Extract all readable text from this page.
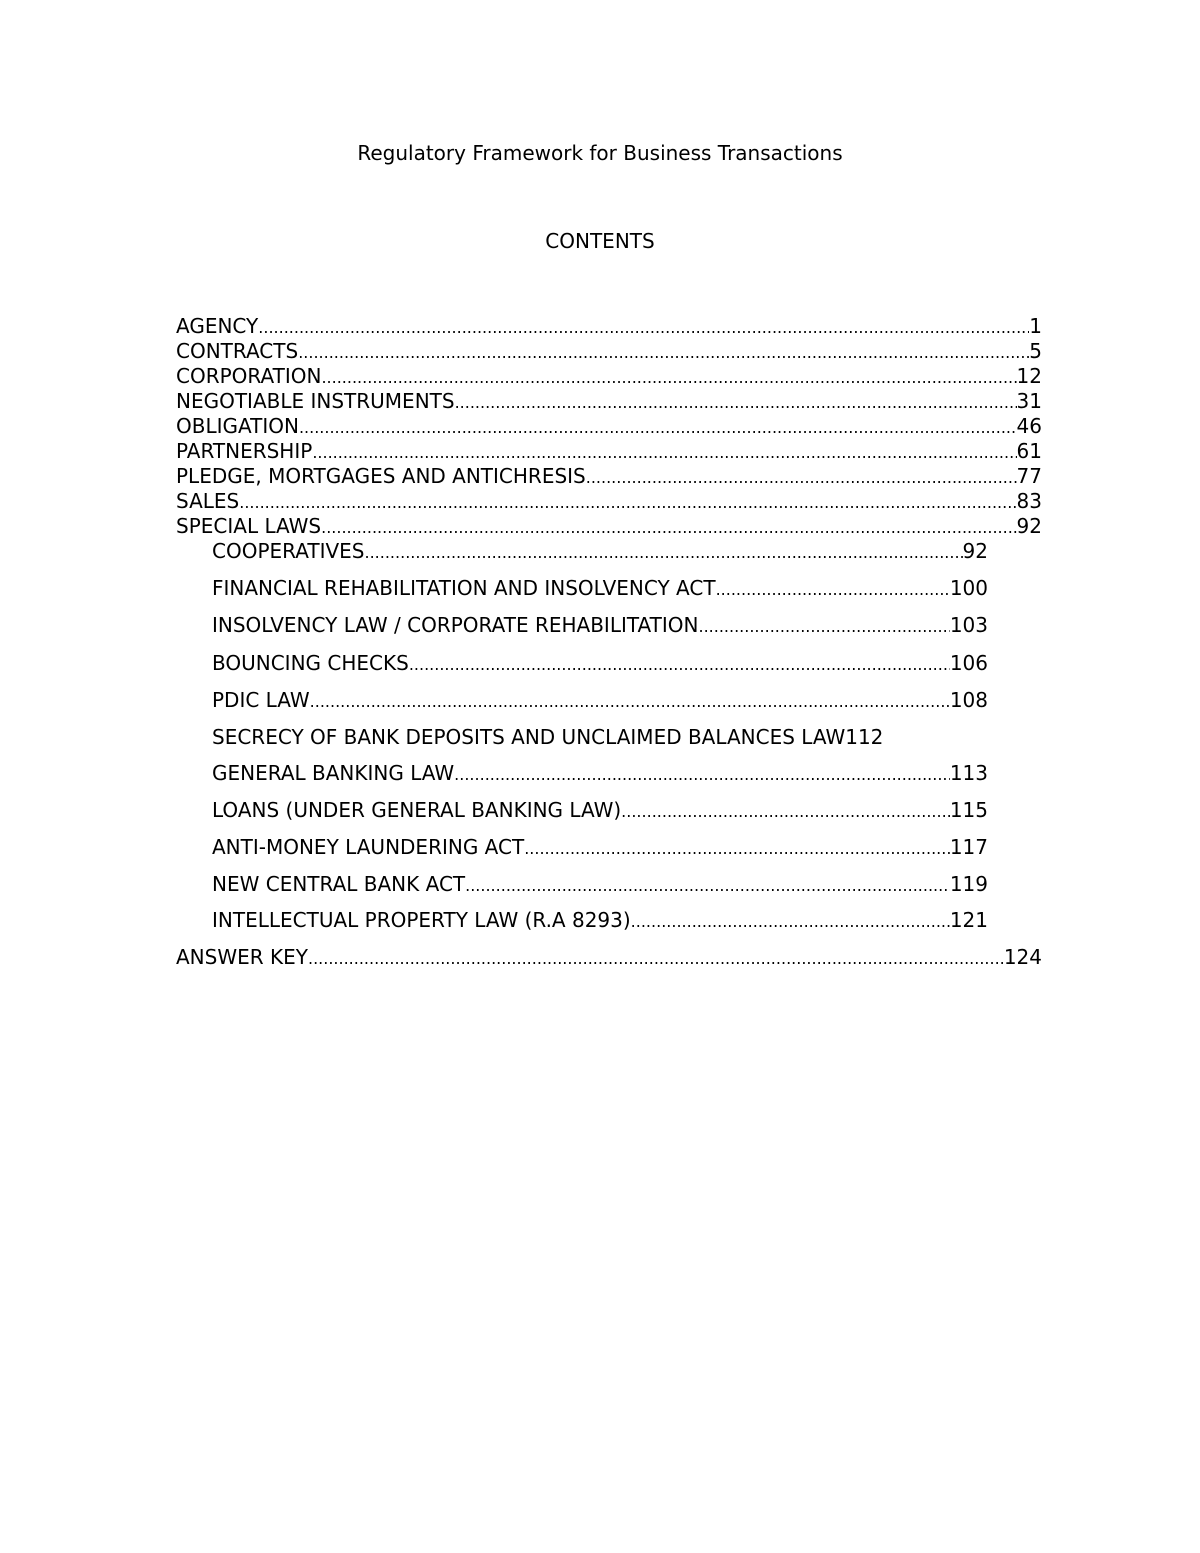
Regulatory Framework for Business Transactions
CONTENTS
AGENCY .....	1
CONTRACTS .....	5
CORPORATION .....	12
NEGOTIABLE INSTRUMENTS .....	31
OBLIGATION .....	46
PARTNERSHIP .....	61
PLEDGE, MORTGAGES AND ANTICHRESIS .....	77
SALES .....	83
SPECIAL LAWS .....	92
COOPERATIVES .....	92
FINANCIAL REHABILITATION AND INSOLVENCY ACT .....	100
INSOLVENCY LAW / CORPORATE REHABILITATION .....	103
BOUNCING CHECKS .....	106
PDIC LAW .....	108
SECRECY OF BANK DEPOSITS AND UNCLAIMED BALANCES LAW 112
GENERAL BANKING LAW .....	113
LOANS (UNDER GENERAL BANKING LAW) .....	115
ANTI-MONEY LAUNDERING ACT .....	117
NEW CENTRAL BANK ACT .....	119
INTELLECTUAL PROPERTY LAW (R.A 8293) .....	121
ANSWER KEY .....	124
